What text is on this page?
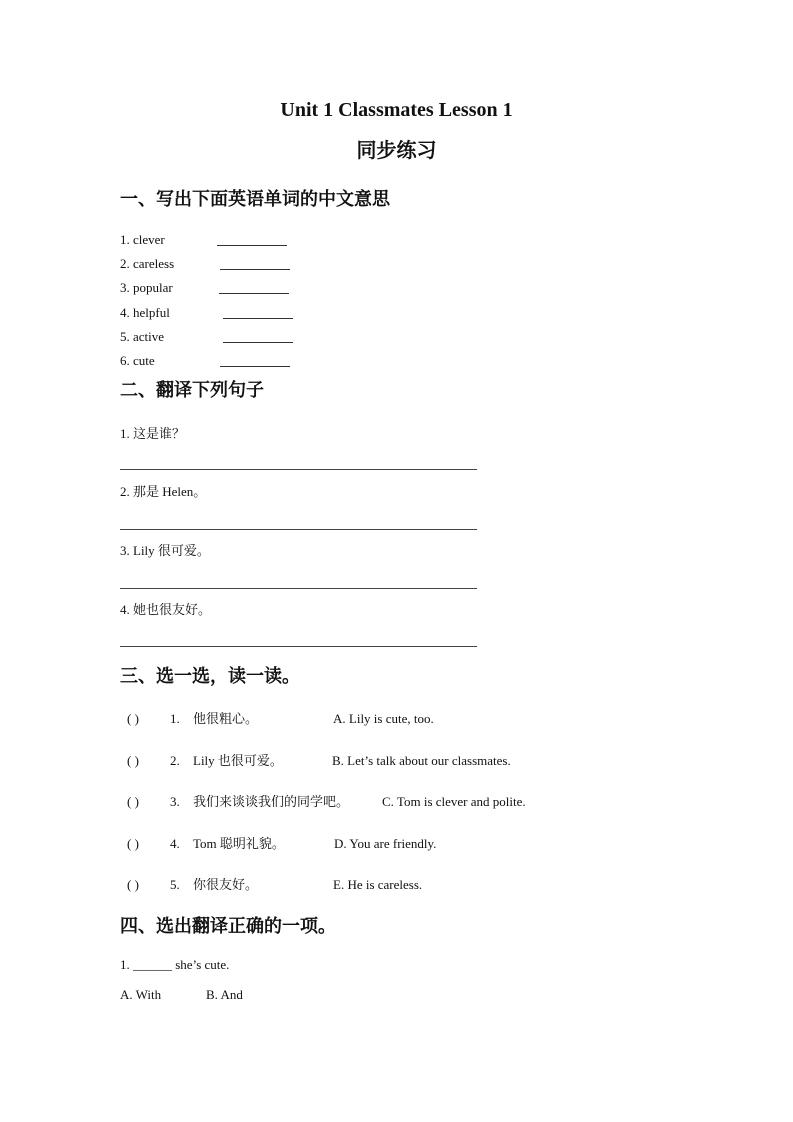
Unit 1 Classmates Lesson 1
同步练习
一、写出下面英语单词的中文意思
1. clever
2. careless
3. popular
4. helpful
5. active
6. cute
二、翻译下列句子
1. 这是谁？
2. 那是 Helen。
3. Lily 很可爱。
4. 她也很友好。
三、选一选，读一读。
( ) 1. 他很粗心。	A. Lily is cute, too.
( ) 2. Lily 也很可爱。	B. Let’s talk about our classmates.
( ) 3. 我们来谈谈我们的同学吧。	C. Tom is clever and polite.
( ) 4. Tom 聪明礼貌。	D. You are friendly.
( ) 5. 你很友好。	E. He is careless.
四、选出翻译正确的一项。
1. ______ she’s cute.
A. With	B. And
